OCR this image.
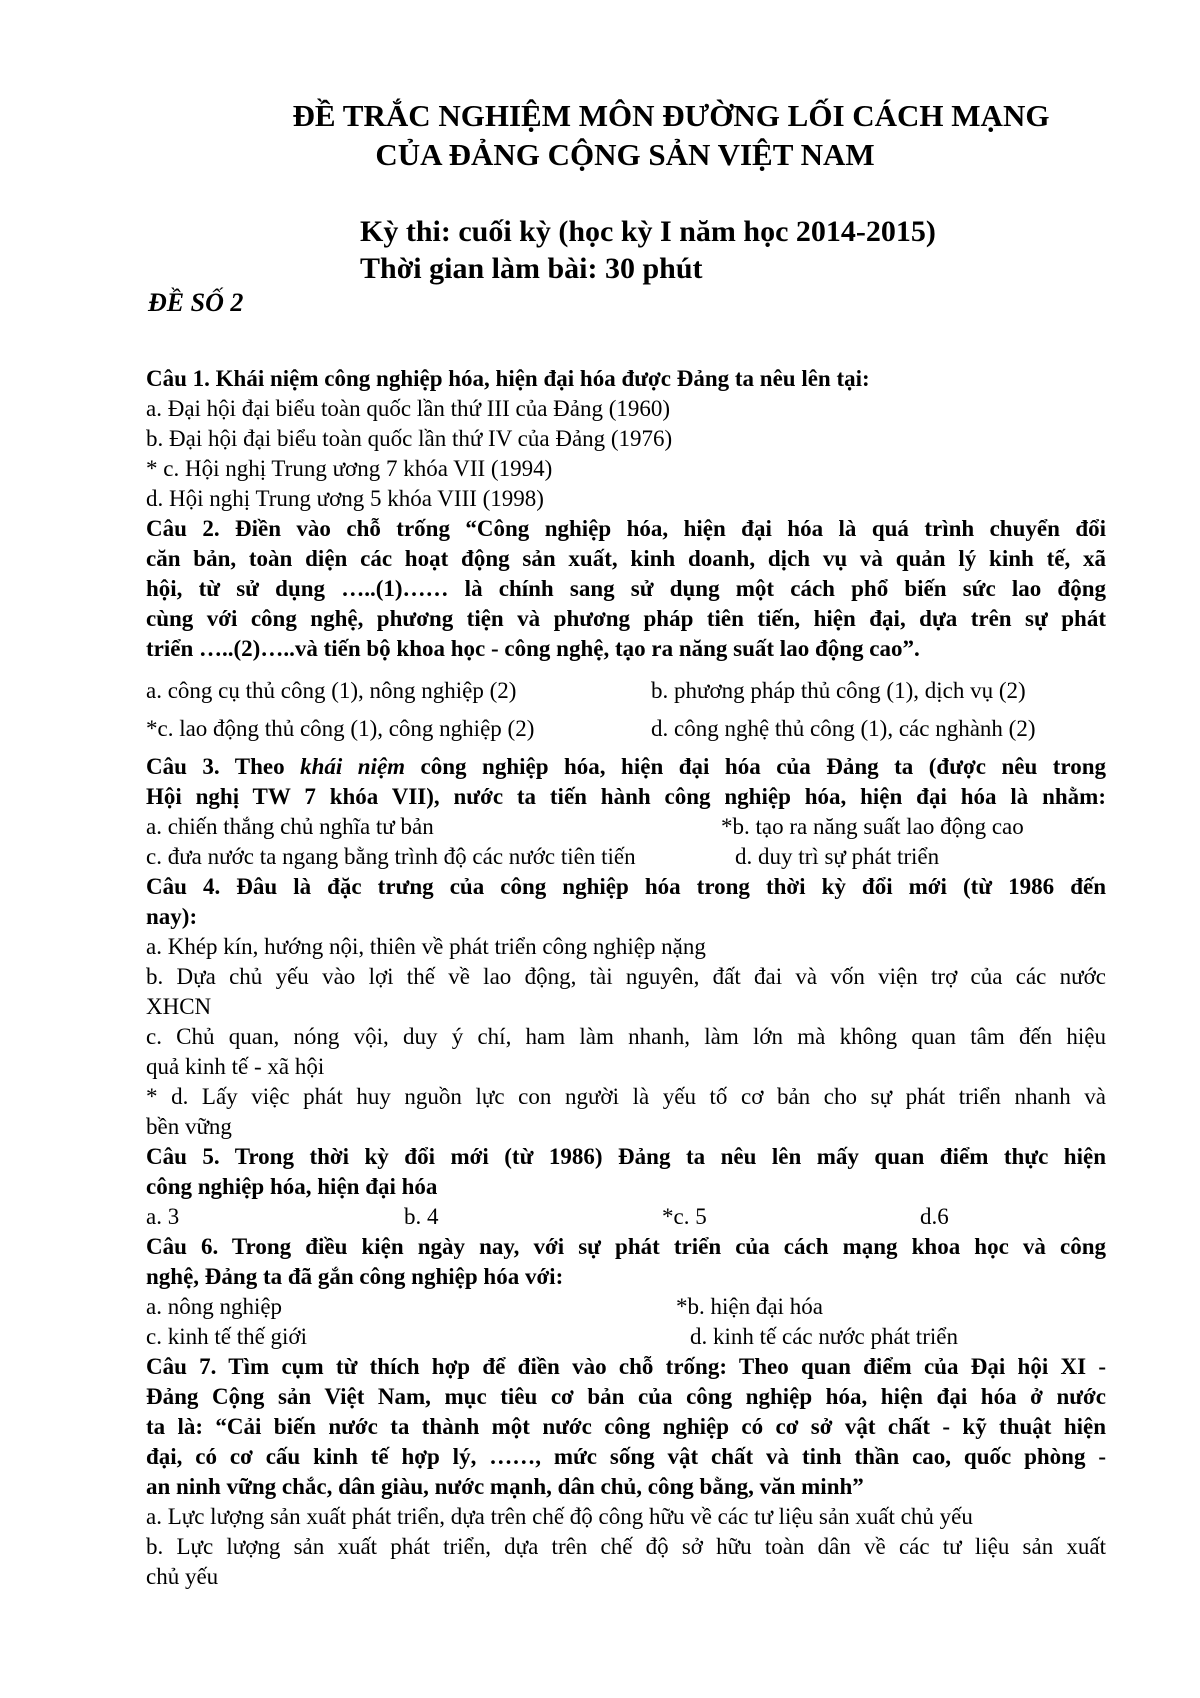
ĐỀ TRẮC NGHIỆM MÔN ĐƯỜNG LỐI CÁCH MẠNG
CỦA ĐẢNG CỘNG SẢN VIỆT NAM
Kỳ thi: cuối kỳ (học kỳ I năm học 2014-2015)
Thời gian làm bài: 30 phút
ĐỀ SỐ 2
Câu 1. Khái niệm công nghiệp hóa, hiện đại hóa được Đảng ta nêu lên tại:
a. Đại hội đại biểu toàn quốc lần thứ III của Đảng (1960)
b. Đại hội đại biểu toàn quốc lần thứ IV của Đảng (1976)
* c. Hội nghị Trung ương 7 khóa VII (1994)
d. Hội nghị Trung ương 5 khóa VIII (1998)
Câu 2. Điền vào chỗ trống “Công nghiệp hóa, hiện đại hóa là quá trình chuyển đổi
căn bản, toàn diện các hoạt động sản xuất, kinh doanh, dịch vụ và quản lý kinh tế, xã
hội, từ sử dụng …..(1)…… là chính sang sử dụng một cách phổ biến sức lao động
cùng với công nghệ, phương tiện và phương pháp tiên tiến, hiện đại, dựa trên sự phát
triển …..(2)…..và tiến bộ khoa học - công nghệ, tạo ra năng suất lao động cao”.
a. công cụ thủ công (1), nông nghiệp (2)	b. phương pháp thủ công (1), dịch vụ (2)
*c. lao động thủ công (1), công nghiệp (2)	d. công nghệ thủ công (1), các nghành (2)
Câu 3. Theo khái niệm công nghiệp hóa, hiện đại hóa của Đảng ta (được nêu trong
Hội nghị TW 7 khóa VII), nước ta tiến hành công nghiệp hóa, hiện đại hóa là nhằm:
a. chiến thắng chủ nghĩa tư bản	*b. tạo ra năng suất lao động cao
c. đưa nước ta ngang bằng trình độ các nước tiên tiến	d. duy trì sự phát triển
Câu 4. Đâu là đặc trưng của công nghiệp hóa trong thời kỳ đổi mới (từ 1986 đến
nay):
a. Khép kín, hướng nội, thiên về phát triển công nghiệp nặng
b. Dựa chủ yếu vào lợi thế về lao động, tài nguyên, đất đai và vốn viện trợ của các nước
XHCN
c. Chủ quan, nóng vội, duy ý chí, ham làm nhanh, làm lớn mà không quan tâm đến hiệu
quả kinh tế - xã hội
* d. Lấy việc phát huy nguồn lực con người là yếu tố cơ bản cho sự phát triển nhanh và
bền vững
Câu 5. Trong thời kỳ đổi mới (từ 1986) Đảng ta nêu lên mấy quan điểm thực hiện
công nghiệp hóa, hiện đại hóa
a. 3	b. 4	*c. 5	d.6
Câu 6. Trong điều kiện ngày nay, với sự phát triển của cách mạng khoa học và công
nghệ, Đảng ta đã gắn công nghiệp hóa với:
a. nông nghiệp	*b. hiện đại hóa
c. kinh tế thế giới	d. kinh tế các nước phát triển
Câu 7. Tìm cụm từ thích hợp để điền vào chỗ trống: Theo quan điểm của Đại hội XI -
Đảng Cộng sản Việt Nam, mục tiêu cơ bản của công nghiệp hóa, hiện đại hóa ở nước
ta là: “Cải biến nước ta thành một nước công nghiệp có cơ sở vật chất - kỹ thuật hiện
đại, có cơ cấu kinh tế hợp lý, ……, mức sống vật chất và tinh thần cao, quốc phòng -
an ninh vững chắc, dân giàu, nước mạnh, dân chủ, công bằng, văn minh”
a. Lực lượng sản xuất phát triển, dựa trên chế độ công hữu về các tư liệu sản xuất chủ yếu
b. Lực lượng sản xuất phát triển, dựa trên chế độ sở hữu toàn dân về các tư liệu sản xuất
chủ yếu
